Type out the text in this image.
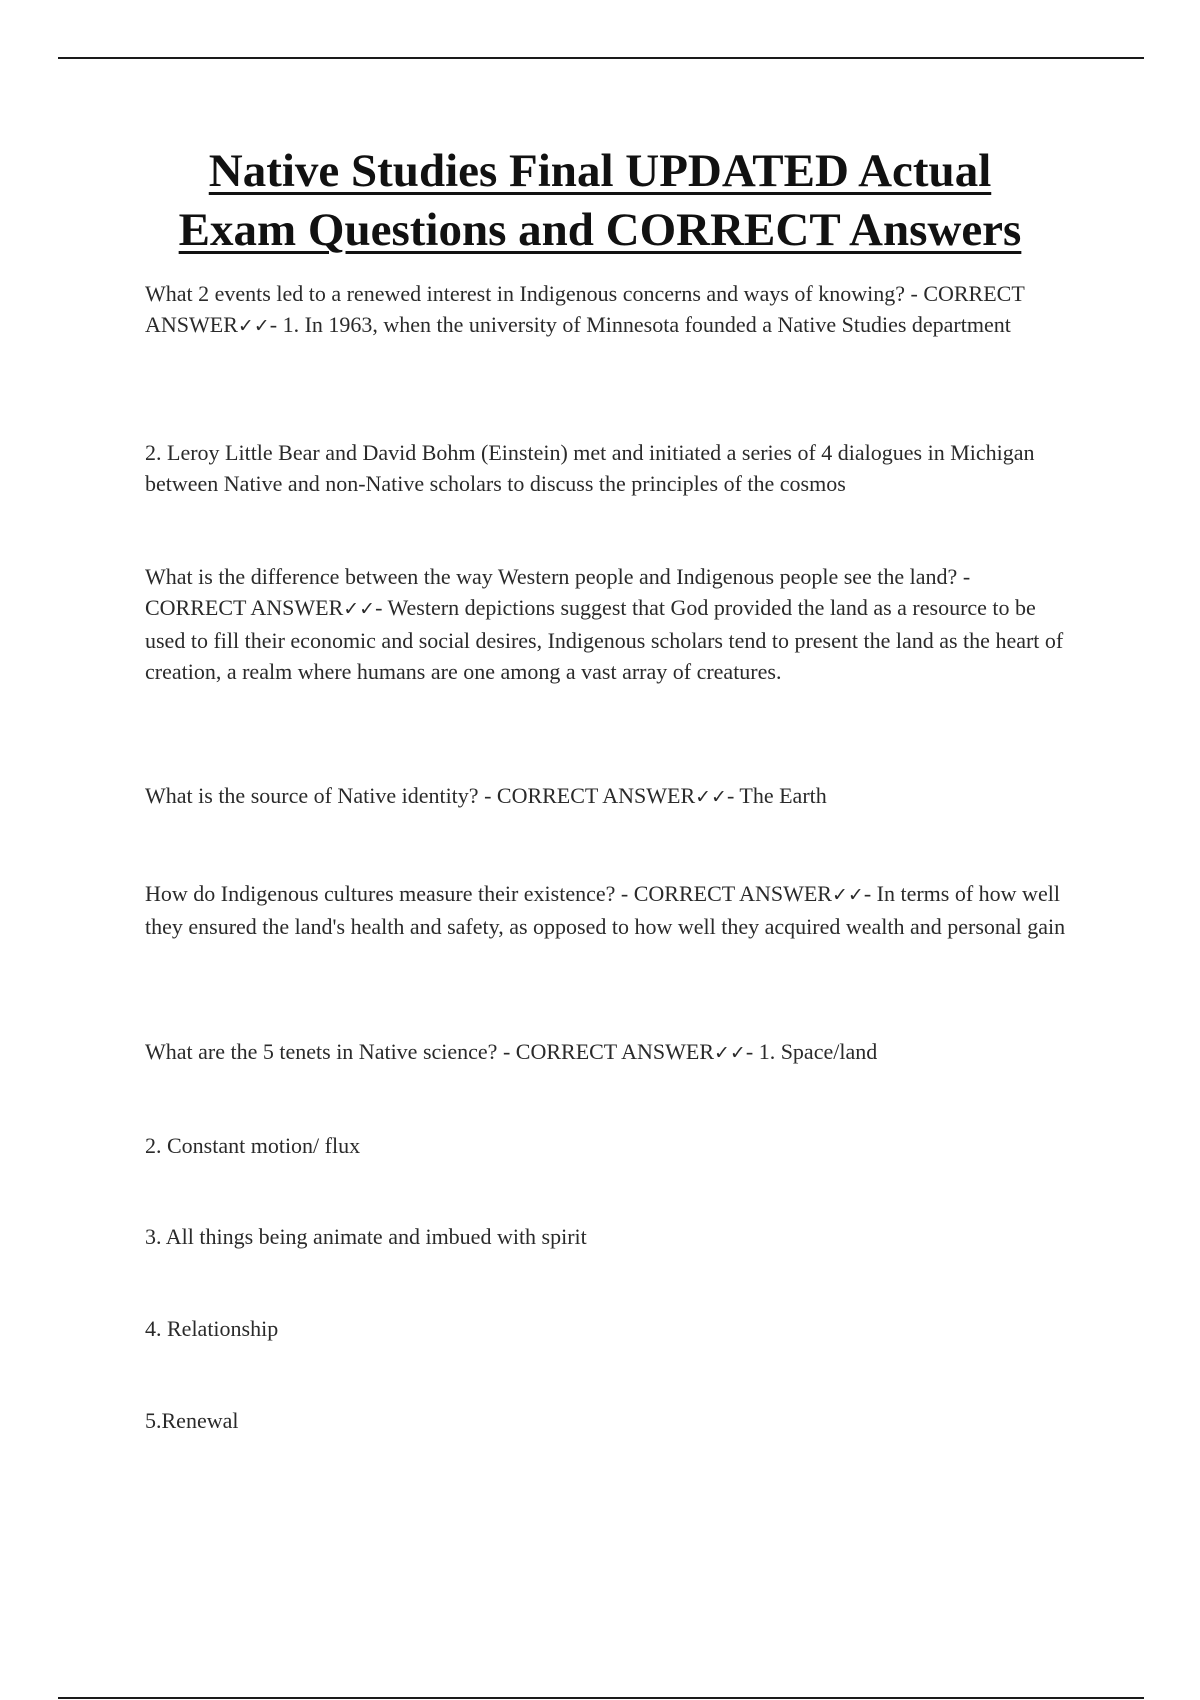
Native Studies Final UPDATED Actual
Exam Questions and CORRECT Answers

What 2 events led to a renewed interest in Indigenous concerns and ways of knowing? - CORRECT ANSWER✓✓- 1. In 1963, when the university of Minnesota founded a Native Studies department

2. Leroy Little Bear and David Bohm (Einstein) met and initiated a series of 4 dialogues in Michigan between Native and non-Native scholars to discuss the principles of the cosmos

What is the difference between the way Western people and Indigenous people see the land? - CORRECT ANSWER✓✓- Western depictions suggest that God provided the land as a resource to be used to fill their economic and social desires, Indigenous scholars tend to present the land as the heart of creation, a realm where humans are one among a vast array of creatures.

What is the source of Native identity? - CORRECT ANSWER✓✓- The Earth

How do Indigenous cultures measure their existence? - CORRECT ANSWER✓✓- In terms of how well they ensured the land's health and safety, as opposed to how well they acquired wealth and personal gain

What are the 5 tenets in Native science? - CORRECT ANSWER✓✓- 1. Space/land

2. Constant motion/ flux

3. All things being animate and imbued with spirit

4. Relationship

5.Renewal
